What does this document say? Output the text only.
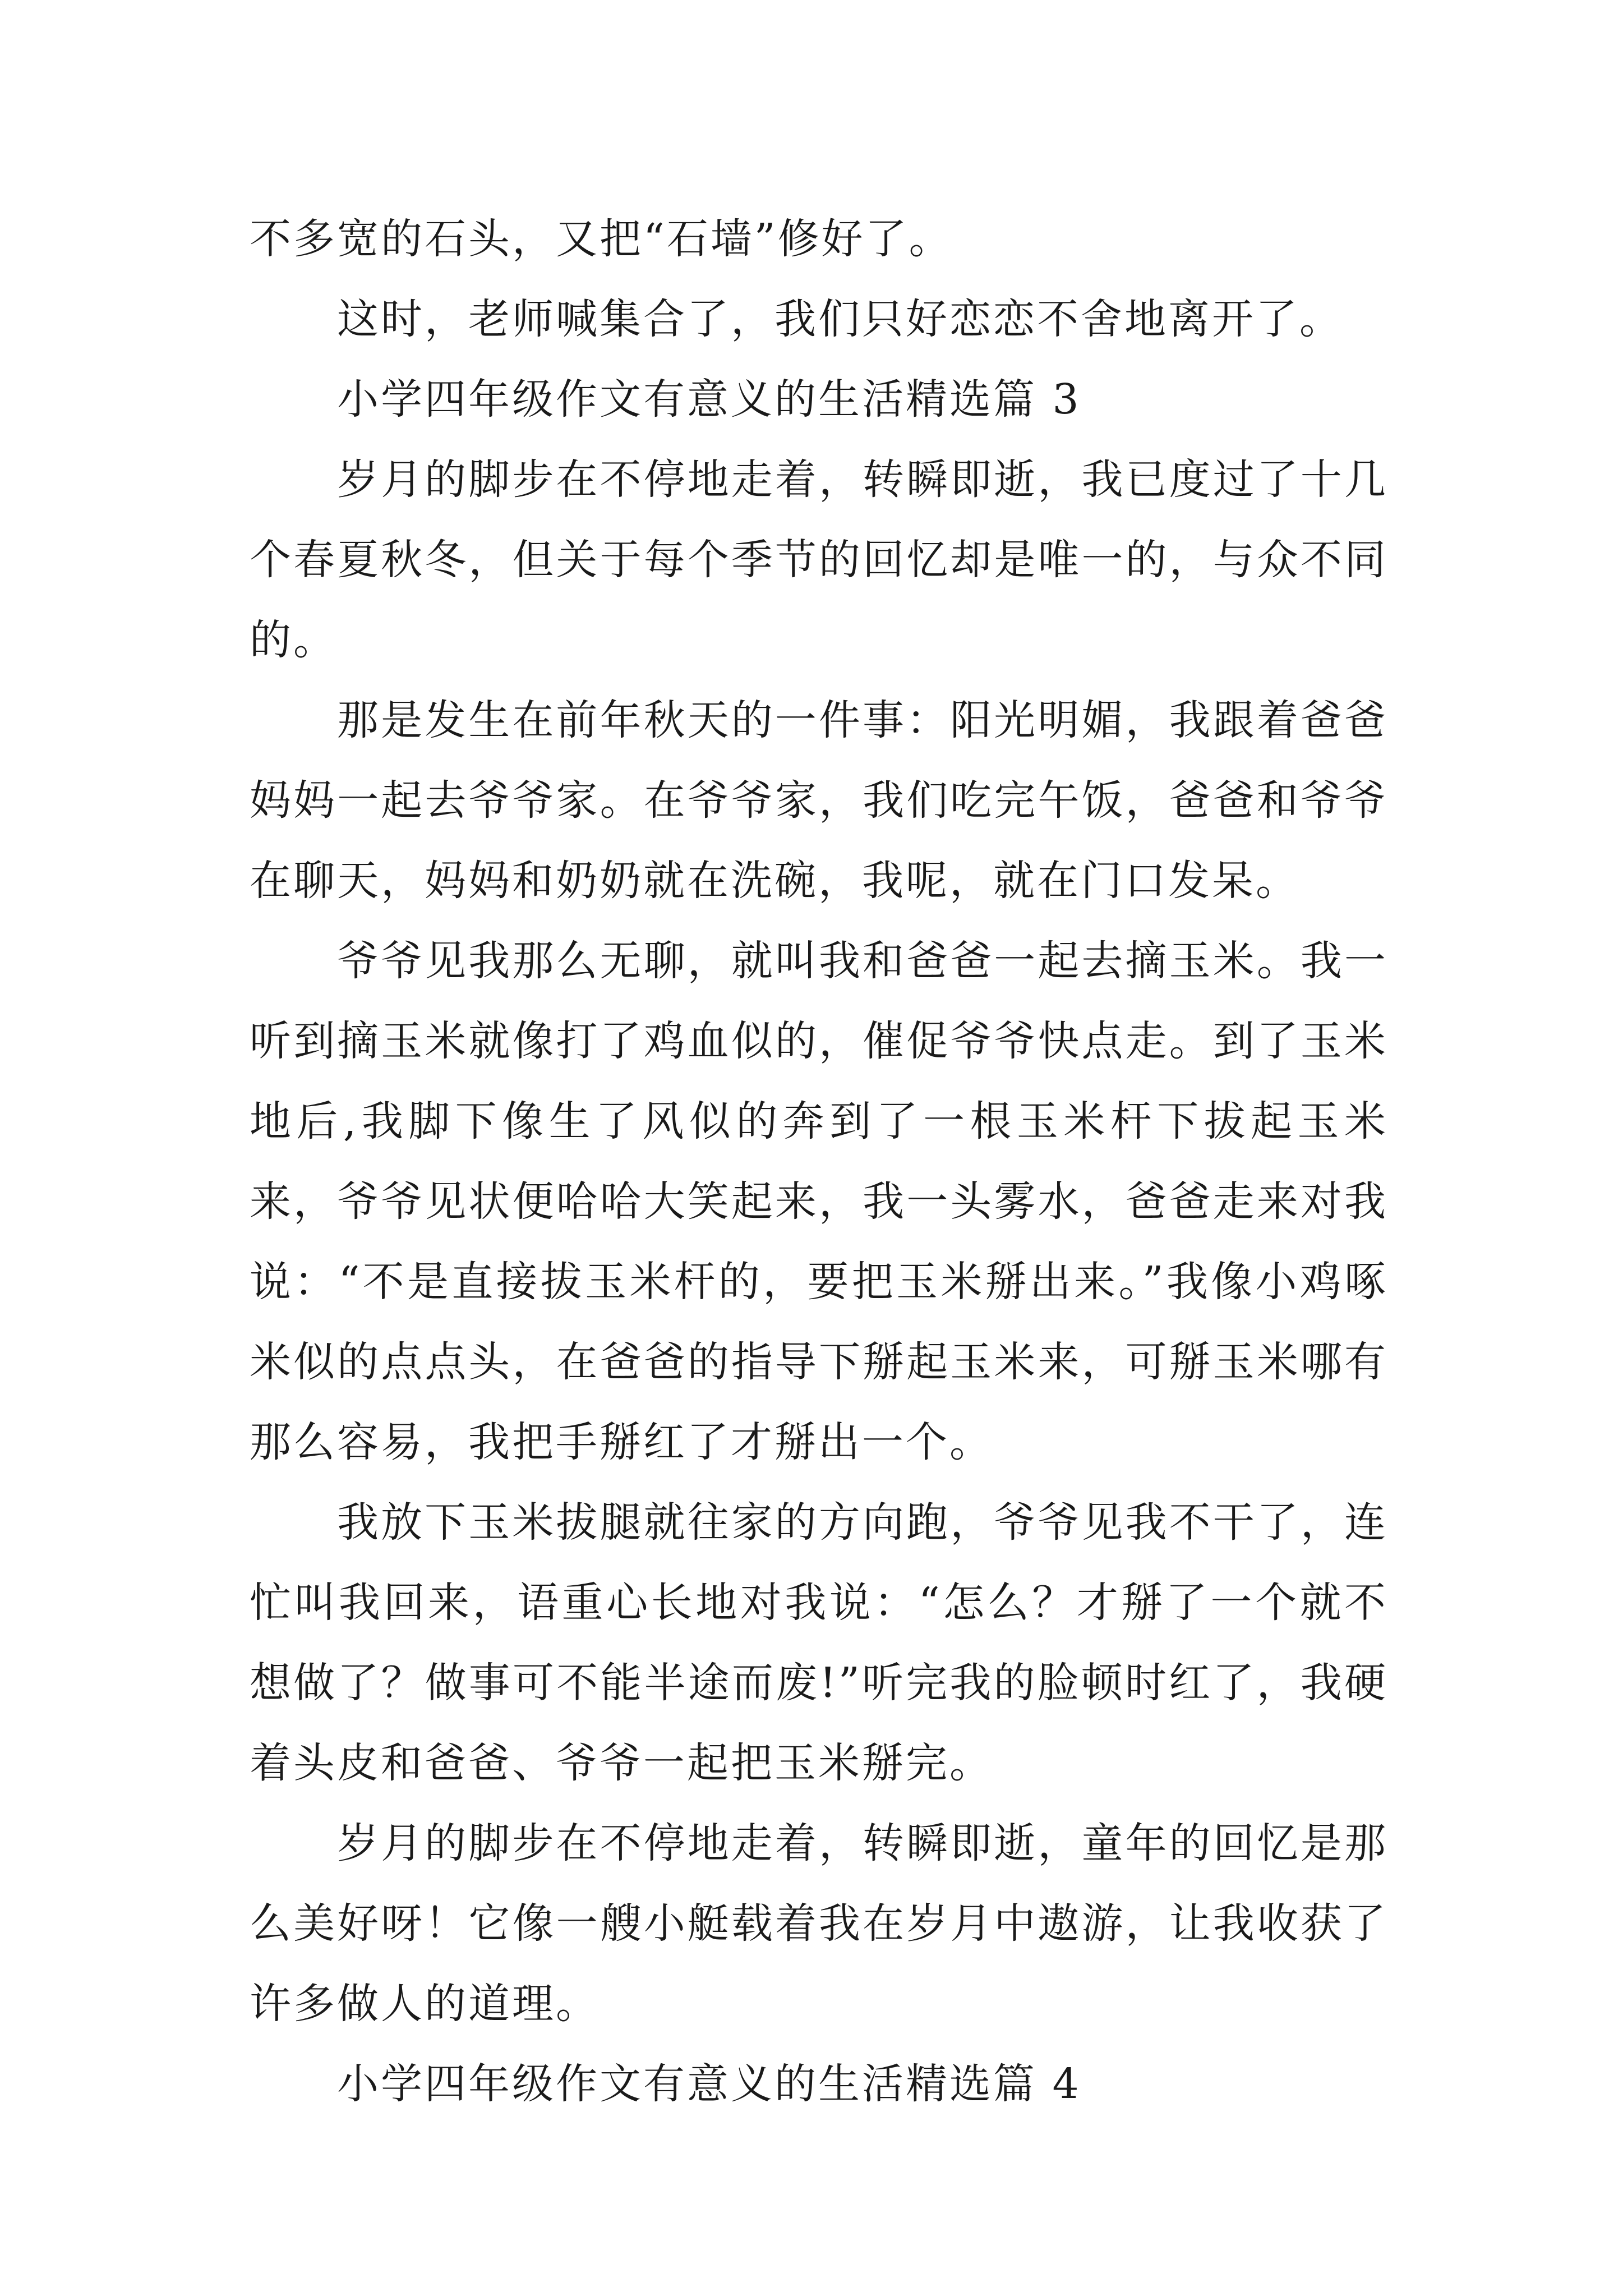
不多宽的石头，又把“石墙”修好了。

这时，老师喊集合了，我们只好恋恋不舍地离开了。

小学四年级作文有意义的生活精选篇 3

岁月的脚步在不停地走着，转瞬即逝，我已度过了十几个春夏秋冬，但关于每个季节的回忆却是唯一的，与众不同的。

那是发生在前年秋天的一件事：阳光明媚，我跟着爸爸妈妈一起去爷爷家。在爷爷家，我们吃完午饭，爸爸和爷爷在聊天，妈妈和奶奶就在洗碗，我呢，就在门口发呆。

爷爷见我那么无聊，就叫我和爸爸一起去摘玉米。我一听到摘玉米就像打了鸡血似的，催促爷爷快点走。到了玉米地后,我脚下像生了风似的奔到了一根玉米杆下拔起玉米来，爷爷见状便哈哈大笑起来，我一头雾水，爸爸走来对我说：“不是直接拔玉米杆的，要把玉米掰出来。”我像小鸡啄米似的点点头，在爸爸的指导下掰起玉米来，可掰玉米哪有那么容易，我把手掰红了才掰出一个。

我放下玉米拔腿就往家的方向跑，爷爷见我不干了，连忙叫我回来，语重心长地对我说：“怎么？才掰了一个就不想做了？做事可不能半途而废!”听完我的脸顿时红了，我硬着头皮和爸爸、爷爷一起把玉米掰完。

岁月的脚步在不停地走着，转瞬即逝，童年的回忆是那么美好呀！它像一艘小艇载着我在岁月中遨游，让我收获了许多做人的道理。

小学四年级作文有意义的生活精选篇 4
